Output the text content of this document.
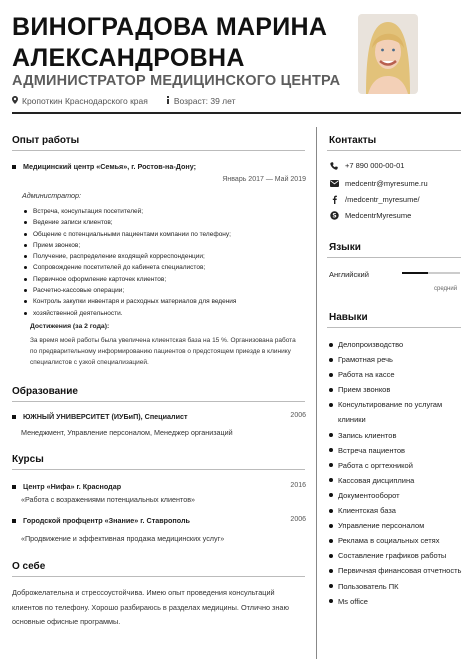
ВИНОГРАДОВА МАРИНА
АЛЕКСАНДРОВНА
АДМИНИСТРАТОР МЕДИЦИНСКОГО ЦЕНТРА
Кропоткин Краснодарского края	Возраст: 39 лет
Опыт работы
Медицинский центр «Семья», г. Ростов-на-Дону;
Январь 2017 — Май 2019
Администратор:
Встреча, консультация посетителей;
Ведение записи клиентов;
Общение с потенциальными пациентами компании по телефону;
Прием звонков;
Получение, распределение входящей корреспонденции;
Сопровождение посетителей до кабинета специалистов;
Первичное оформление карточек клиентов;
Расчетно-кассовые операции;
Контроль закупки инвентаря и расходных материалов для ведения
хозяйственной деятельности.
Достижения (за 2 года):
За время моей работы была увеличена клиентская база на 15 %. Организована работа по предварительному информированию пациентов о предстоящем приезде в клинику специалистов с узкой специализацией.
Образование
ЮЖНЫЙ УНИВЕРСИТЕТ (ИУБиП), Специалист	2006
Менеджмент, Управление персоналом, Менеджер организаций
Курсы
Центр «Нифа» г. Краснодар	2016
«Работа с возражениями потенциальных клиентов»
Городской профцентр «Знание» г. Ставрополь	2006
«Продвижение и эффективная продажа медицинских услуг»
О себе
Доброжелательна и стрессоустойчива. Имею опыт проведения консультаций клиентов по телефону. Хорошо разбираюсь в разделах медицины. Отлично знаю основные офисные программы.
Контакты
+7 890 000-00-01
medcentr@myresume.ru
/medcentr_myresume/
S MedcentrMyresume
Языки
Английский
средний
Навыки
Делопроизводство
Грамотная речь
Работа на кассе
Прием звонков
Консультирование по услугам клиники
Запись клиентов
Встреча пациентов
Работа с оргтехникой
Кассовая дисциплина
Документооборот
Клиентская база
Управление персоналом
Реклама в социальных сетях
Составление графиков работы
Первичная финансовая отчетность
Пользователь ПК
Ms office
